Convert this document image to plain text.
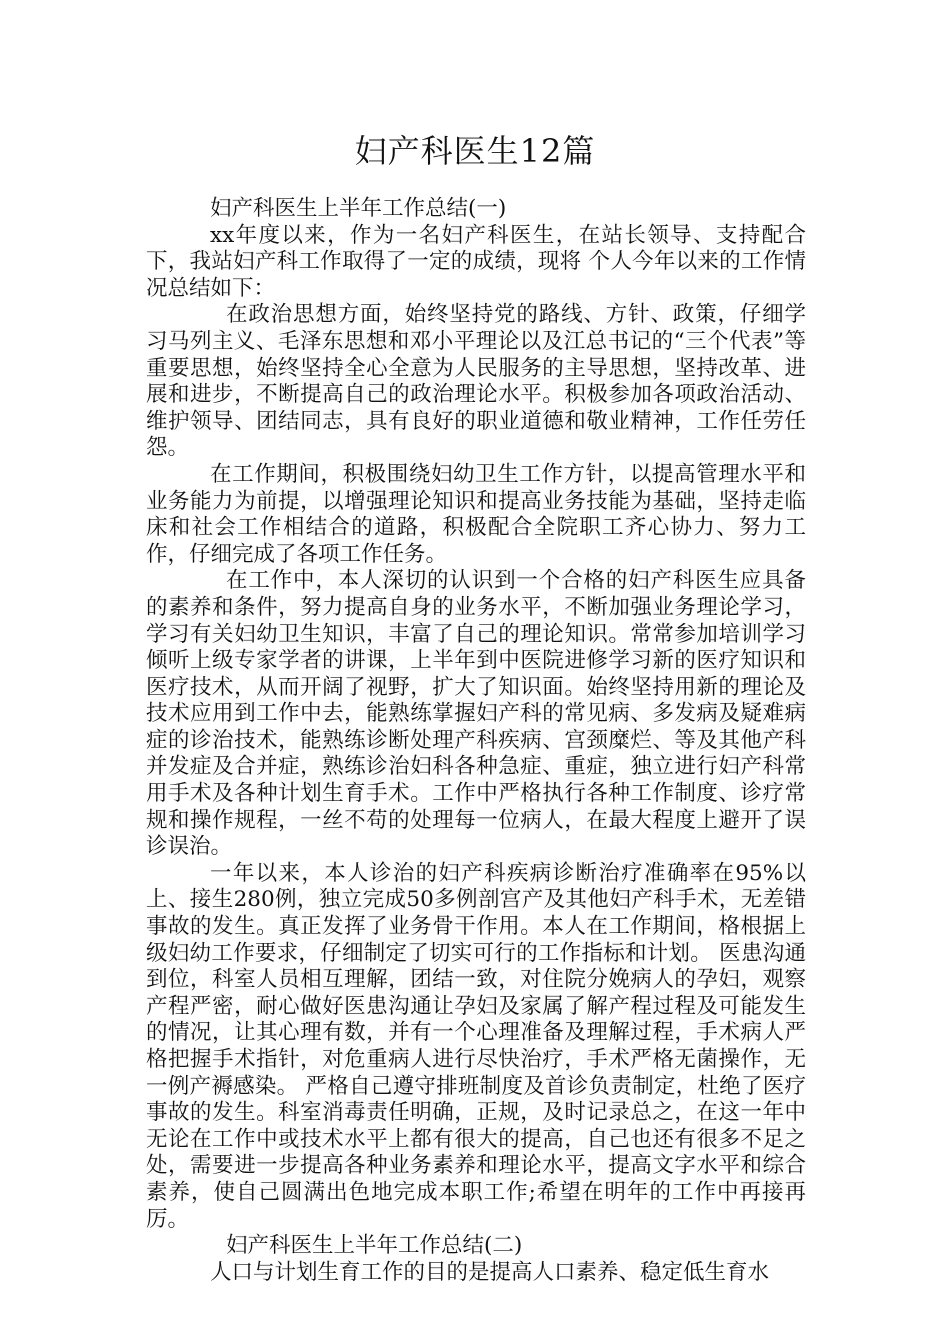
妇产科医生12篇

妇产科医生上半年工作总结(一)

xx年度以来，作为一名妇产科医生，在站长领导、支持配合下，我站妇产科工作取得了一定的成绩，现将 个人今年以来的工作情况总结如下：

在政治思想方面，始终坚持党的路线、方针、政策，仔细学习马列主义、毛泽东思想和邓小平理论以及江总书记的“三个代表”等重要思想，始终坚持全心全意为人民服务的主导思想，坚持改革、进展和进步，不断提高自己的政治理论水平。积极参加各项政治活动、维护领导、团结同志，具有良好的职业道德和敬业精神，工作任劳任怨。

在工作期间，积极围绕妇幼卫生工作方针，以提高管理水平和业务能力为前提，以增强理论知识和提高业务技能为基础，坚持走临床和社会工作相结合的道路，积极配合全院职工齐心协力、努力工作，仔细完成了各项工作任务。

在工作中，本人深切的认识到一个合格的妇产科医生应具备的素养和条件，努力提高自身的业务水平，不断加强业务理论学习，学习有关妇幼卫生知识，丰富了自己的理论知识。常常参加培训学习倾听上级专家学者的讲课，上半年到中医院进修学习新的医疗知识和医疗技术，从而开阔了视野，扩大了知识面。始终坚持用新的理论及技术应用到工作中去，能熟练掌握妇产科的常见病、多发病及疑难病症的诊治技术，能熟练诊断处理产科疾病、宫颈糜烂、等及其他产科并发症及合并症，熟练诊治妇科各种急症、重症，独立进行妇产科常用手术及各种计划生育手术。工作中严格执行各种工作制度、诊疗常规和操作规程，一丝不苟的处理每一位病人，在最大程度上避开了误诊误治。

一年以来，本人诊治的妇产科疾病诊断治疗准确率在95%以上、接生280例，独立完成50多例剖宫产及其他妇产科手术，无差错事故的发生。真正发挥了业务骨干作用。本人在工作期间，格根据上级妇幼工作要求，仔细制定了切实可行的工作指标和计划。 医患沟通到位，科室人员相互理解，团结一致，对住院分娩病人的孕妇，观察产程严密，耐心做好医患沟通让孕妇及家属了解产程过程及可能发生的情况，让其心理有数，并有一个心理准备及理解过程，手术病人严格把握手术指针，对危重病人进行尽快治疗，手术严格无菌操作，无一例产褥感染。 严格自己遵守排班制度及首诊负责制定，杜绝了医疗事故的发生。科室消毒责任明确，正规，及时记录总之，在这一年中无论在工作中或技术水平上都有很大的提高，自己也还有很多不足之处，需要进一步提高各种业务素养和理论水平，提高文字水平和综合素养，使自己圆满出色地完成本职工作;希望在明年的工作中再接再厉。

妇产科医生上半年工作总结(二)

人口与计划生育工作的目的是提高人口素养、稳定低生育水
